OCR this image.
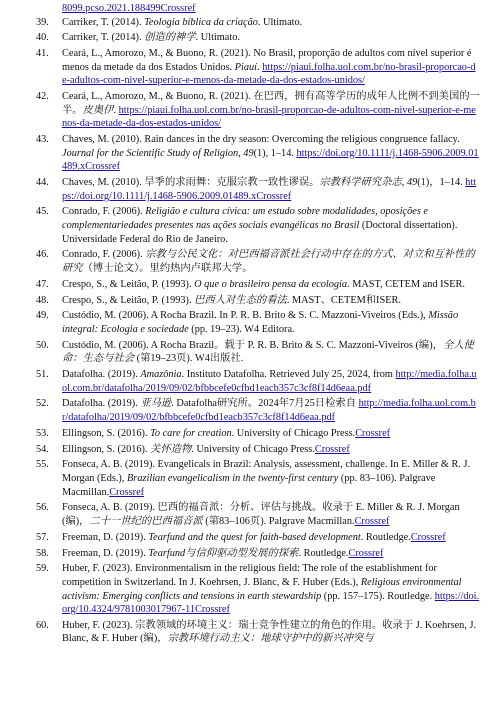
8099.pcso.2021.188499Crossref
39. Carriker, T. (2014). Teologia bíblica da criação. Ultimato.
40. Carriker, T. (2014). 创造的神学. Ultimato.
41. Ceará, L., Amorozo, M., & Buono, R. (2021). No Brasil, proporção de adultos com nível superior é menos da metade da dos Estados Unidos. Piauí. https://piaui.folha.uol.com.br/no-brasil-proporcao-de-adultos-com-nivel-superior-e-menos-da-metade-da-dos-estados-unidos/
42. Ceará, L., Amorozo, M., & Buono, R. (2021). 在巴西，拥有高等学历的成年人比例不到美国的一半。皮奥伊. https://piaui.folha.uol.com.br/no-brasil-proporcao-de-adultos-com-nivel-superior-e-menos-da-metade-da-dos-estados-unidos/
43. Chaves, M. (2010). Rain dances in the dry season: Overcoming the religious congruence fallacy. Journal for the Scientific Study of Religion, 49(1), 1–14. https://doi.org/10.1111/j.1468-5906.2009.01489.xCrossref
44. Chaves, M. (2010). 旱季的求雨舞：克服宗教一致性谬误。宗教科学研究杂志, 49(1)，1–14. https://doi.org/10.1111/j.1468-5906.2009.01489.xCrossref
45. Conrado, F. (2006). Religião e cultura cívica: um estudo sobre modalidades, oposições e complementariedades presentes nas ações sociais evangélicas no Brasil (Doctoral dissertation). Universidade Federal do Rio de Janeiro.
46. Conrado, F. (2006). 宗教与公民文化：对巴西福音派社会行动中存在的方式、对立和互补性的研究（博士论文）。里约热内卢联邦大学。
47. Crespo, S., & Leitão, P. (1993). O que o brasileiro pensa da ecologia. MAST, CETEM and ISER.
48. Crespo, S., & Leitão, P. (1993). 巴西人对生态的看法. MAST、CETEM和ISER.
49. Custódio, M. (2006). A Rocha Brazil. In P. R. B. Brito & S. C. Mazzoni-Viveiros (Eds.), Missão integral: Ecologia e sociedade (pp. 19–23). W4 Editora.
50. Custódio, M. (2006). A Rocha Brazil。载于 P. R. B. Brito & S. C. Mazzoni-Viveiros (编)，全人使命：生态与社会 (第19–23页). W4出版社.
51. Datafolha. (2019). Amazônia. Instituto Datafolha. Retrieved July 25, 2024, from http://media.folha.uol.com.br/datafolha/2019/09/02/bfbbcefe0cfbd1eacb357c3cf8f14d6eaa.pdf
52. Datafolha. (2019). 亚马逊. Datafolha研究所。2024年7月25日检索自 http://media.folha.uol.com.br/datafolha/2019/09/02/bfbbcefe0cfbd1eacb357c3cf8f14d6eaa.pdf
53. Ellingson, S. (2016). To care for creation. University of Chicago Press.Crossref
54. Ellingson, S. (2016). 关怀造物. University of Chicago Press.Crossref
55. Fonseca, A. B. (2019). Evangelicals in Brazil: Analysis, assessment, challenge. In E. Miller & R. J. Morgan (Eds.), Brazilian evangelicalism in the twenty-first century (pp. 83–106). Palgrave Macmillan.Crossref
56. Fonseca, A. B. (2019). 巴西的福音派：分析、评估与挑战。收录于 E. Miller & R. J. Morgan (编)，二十一世纪的巴西福音派 (第83–106页). Palgrave Macmillan.Crossref
57. Freeman, D. (2019). Tearfund and the quest for faith-based development. Routledge.Crossref
58. Freeman, D. (2019). Tearfund与信仰驱动型发展的探索. Routledge.Crossref
59. Huber, F. (2023). Environmentalism in the religious field: The role of the establishment for competition in Switzerland. In J. Koehrsen, J. Blanc, & F. Huber (Eds.), Religious environmental activism: Emerging conflicts and tensions in earth stewardship (pp. 157–175). Routledge. https://doi.org/10.4324/9781003017967-11Crossref
60. Huber, F. (2023). 宗教领域的环境主义：瑞士竞争性建立的角色的作用。收录于 J. Koehrsen, J. Blanc, & F. Huber (编)，宗教环境行动主义：地球守护中的新兴冲突与
